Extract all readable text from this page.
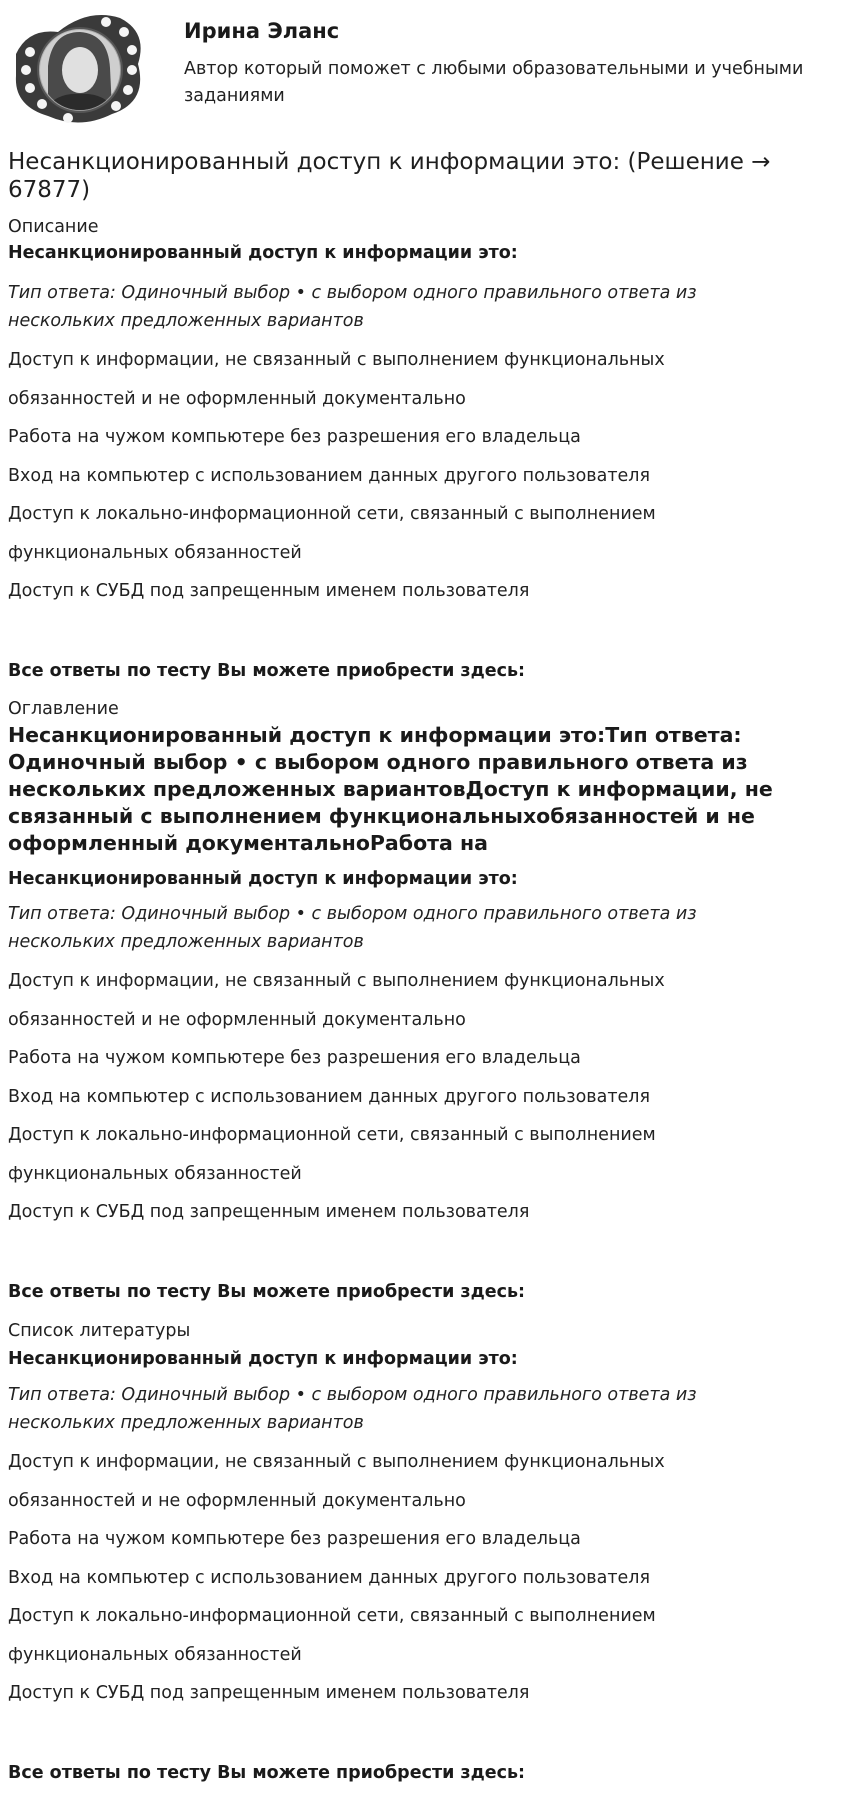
Ирина Эланс
Автор который поможет с любыми образовательными и учебными заданиями
Несанкционированный доступ к информации это: (Решение → 67877)
Описание
Несанкционированный доступ к информации это:
Тип ответа: Одиночный выбор • с выбором одного правильного ответа из нескольких предложенных вариантов
Доступ к информации, не связанный с выполнением функциональных
обязанностей и не оформленный документально
Работа на чужом компьютере без разрешения его владельца
Вход на компьютер с использованием данных другого пользователя
Доступ к локально-информационной сети, связанный с выполнением
функциональных обязанностей
Доступ к СУБД под запрещенным именем пользователя
Все ответы по тесту Вы можете приобрести здесь:
Оглавление
Несанкционированный доступ к информации это:Тип ответа: Одиночный выбор • с выбором одного правильного ответа из нескольких предложенных вариантовДоступ к информации, не связанный с выполнением функциональныхобязанностей и не оформленный документальноРабота на
Несанкционированный доступ к информации это:
Тип ответа: Одиночный выбор • с выбором одного правильного ответа из нескольких предложенных вариантов
Доступ к информации, не связанный с выполнением функциональных
обязанностей и не оформленный документально
Работа на чужом компьютере без разрешения его владельца
Вход на компьютер с использованием данных другого пользователя
Доступ к локально-информационной сети, связанный с выполнением
функциональных обязанностей
Доступ к СУБД под запрещенным именем пользователя
Все ответы по тесту Вы можете приобрести здесь:
Список литературы
Несанкционированный доступ к информации это:
Тип ответа: Одиночный выбор • с выбором одного правильного ответа из нескольких предложенных вариантов
Доступ к информации, не связанный с выполнением функциональных
обязанностей и не оформленный документально
Работа на чужом компьютере без разрешения его владельца
Вход на компьютер с использованием данных другого пользователя
Доступ к локально-информационной сети, связанный с выполнением
функциональных обязанностей
Доступ к СУБД под запрещенным именем пользователя
Все ответы по тесту Вы можете приобрести здесь:
